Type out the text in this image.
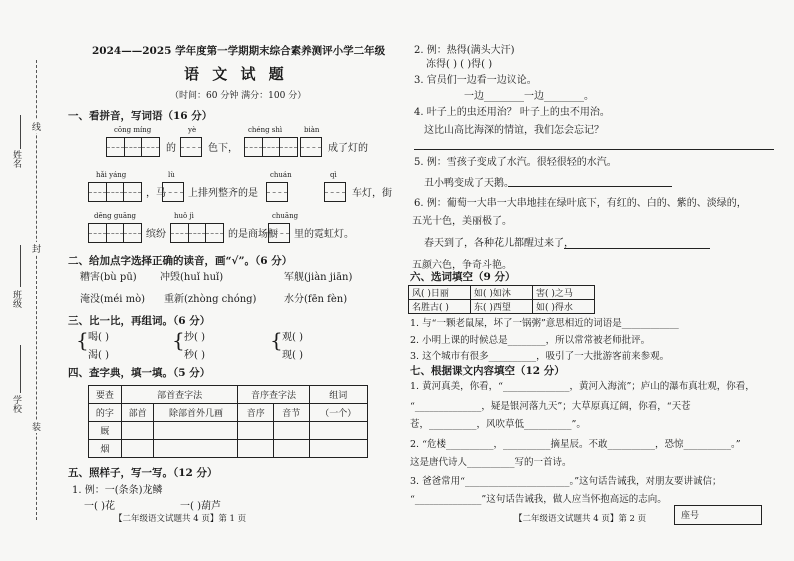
姓名
班级
学校
线
封
装
2024——2025 学年度第一学期期末综合素养测评小学二年级
语 文 试 题
（时间：60 分钟 满分：100 分）
一、看拼音，写词语（16 分）
cōng míng	yè	chéng shì	biàn
的	色下，	成了灯的
hǎi yáng	lù	chuán	qì
，马 上排列整齐的是	车灯，街
dēng guāng	huǒ jì	chuāng
缤纷	的是商场橱 里的霓虹灯。
二、给加点字选择正确的读音，画“√”。（6 分）
糟害(bù pū) 冲毁(huǐ huǐ)	军舰(jiàn jiān)
淹没(méi mò) 重新(zhòng chóng)	水分(fēn fèn)
三、比一比，再组词。（6 分）
{ 喝( )
渴( )
{ 抄( )
秒( )
{ 观( )
现( )
四、查字典，填一填。（5 分）
要查	部首查字法		音序查字法		组词
的字	部首	除部首外几画	音序	音节	（一个）
厩					
烟					
五、照样子，写一写。（12 分）
1. 例：一(条条)龙鳞
一( )花	一( )葫芦
【二年级语文试题共 4 页】第 1 页
2. 例：热得(满头大汗)
冻得( ) ( )得( )
3. 官员们一边看一边议论。
一边________一边________。
4. 叶子上的虫还用治？ 叶子上的虫不用治。
这比山高比海深的情谊，我们怎会忘记？
5. 例：雪孩子变成了水汽。很轻很轻的水汽。
丑小鸭变成了天鹅。
6. 例：葡萄一大串一大串地挂在绿叶底下，有红的、白的、紫的、淡绿的，
五光十色，美丽极了。
春天到了，各种花儿都醒过来了，
五颜六色，争奇斗艳。
六、选词填空（9 分）
风( )日丽	如( )如沐	害( )之马
名胜古( )	东( )西望	如( )得水
1. 与“一颗老鼠屎，坏了一锅粥”意思相近的词语是____________
2. 小明上课的时候总是________，所以常常被老师批评。
3. 这个城市有很多__________，吸引了一大批游客前来参观。
七、根据课文内容填空（12 分）
1. 黄河真美，你看，“______________，黄河入海流”；庐山的瀑布真壮观，你看，
“______________，疑是银河落九天”；大草原真辽阔，你看，“天苍
苍，__________，风吹草低__________”。
2. “危楼__________，__________摘星辰。不敢__________，恐惊__________。”
这是唐代诗人__________写的一首诗。
3. 爸爸常用“______________________。”这句话告诫我，对朋友要讲诚信；
“______________”这句话告诫我，做人应当怀抱高远的志向。
【二年级语文试题共 4 页】第 2 页	座号
